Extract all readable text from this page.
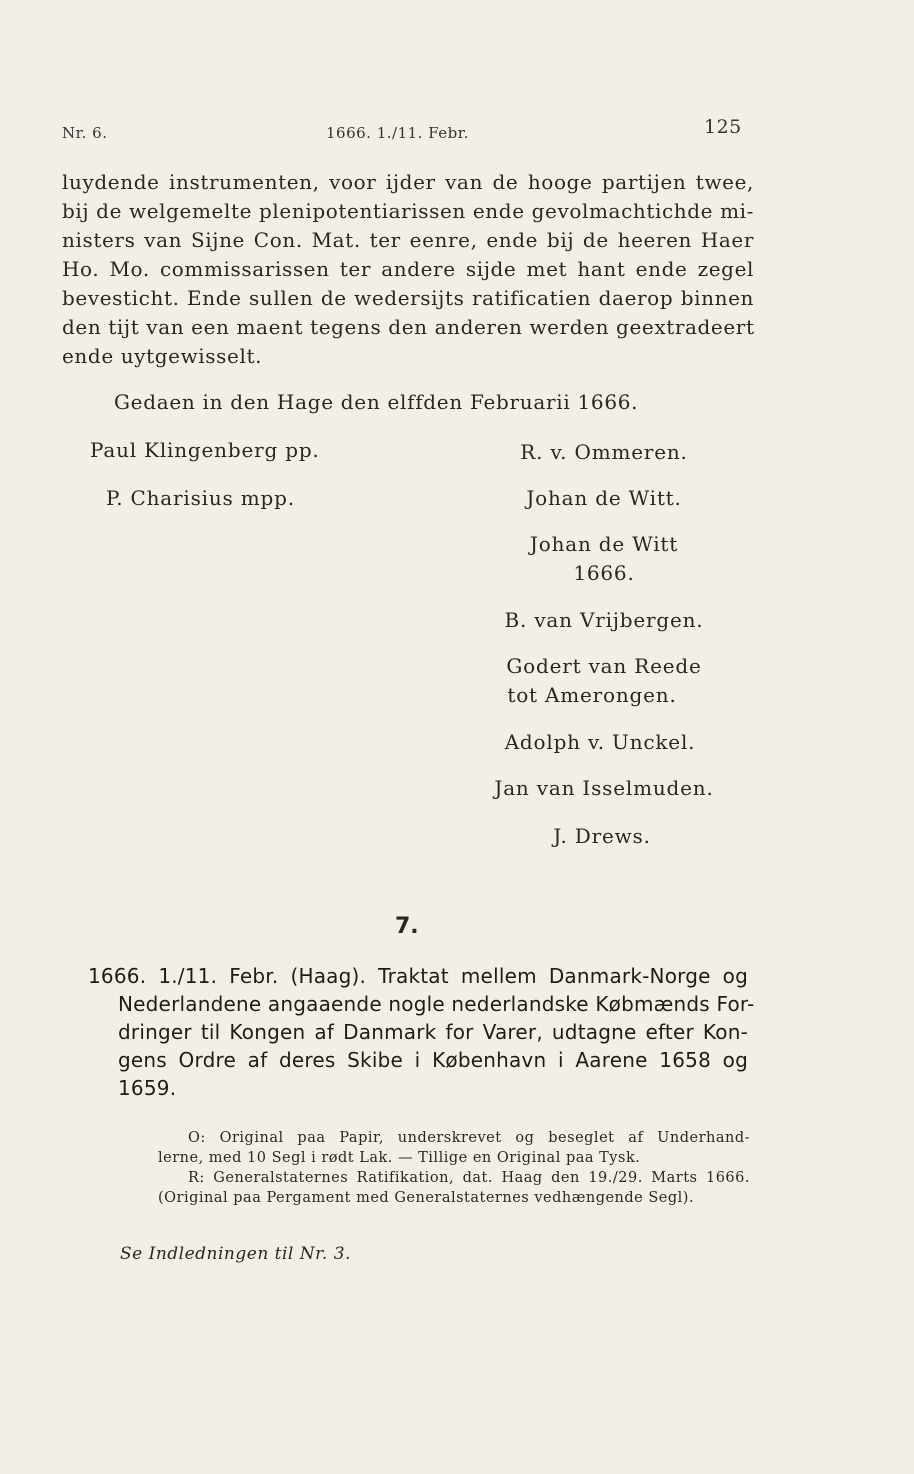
Nr. 6.	1666. 1./11. Febr.	125
luydende instrumenten, voor ijder van de hooge partijen twee,
bij de welgemelte plenipotentiarissen ende gevolmachtichde mi-
nisters van Sijne Con. Mat. ter eenre, ende bij de heeren Haer
Ho. Mo. commissarissen ter andere sijde met hant ende zegel
bevesticht. Ende sullen de wedersijts ratificatien daerop binnen
den tijt van een maent tegens den anderen werden geextradeert
ende uytgewisselt.
Gedaen in den Hage den elffden Februarii 1666.
Paul Klingenberg pp.
P. Charisius mpp.
R. v. Ommeren.
Johan de Witt.
Johan de Witt
1666.
B. van Vrijbergen.
Godert van Reede
tot Amerongen.
Adolph v. Unckel.
Jan van Isselmuden.
J. Drews.
7.
1666. 1./11. Febr. (Haag). Traktat mellem Danmark-Norge og
Nederlandene angaaende nogle nederlandske Købmænds For-
dringer til Kongen af Danmark for Varer, udtagne efter Kon-
gens Ordre af deres Skibe i København i Aarene 1658 og
1659.
O: Original paa Papir, underskrevet og beseglet af Underhand-
lerne, med 10 Segl i rødt Lak. — Tillige en Original paa Tysk.
R: Generalstaternes Ratifikation, dat. Haag den 19./29. Marts 1666.
(Original paa Pergament med Generalstaternes vedhængende Segl).
Se Indledningen til Nr. 3.
